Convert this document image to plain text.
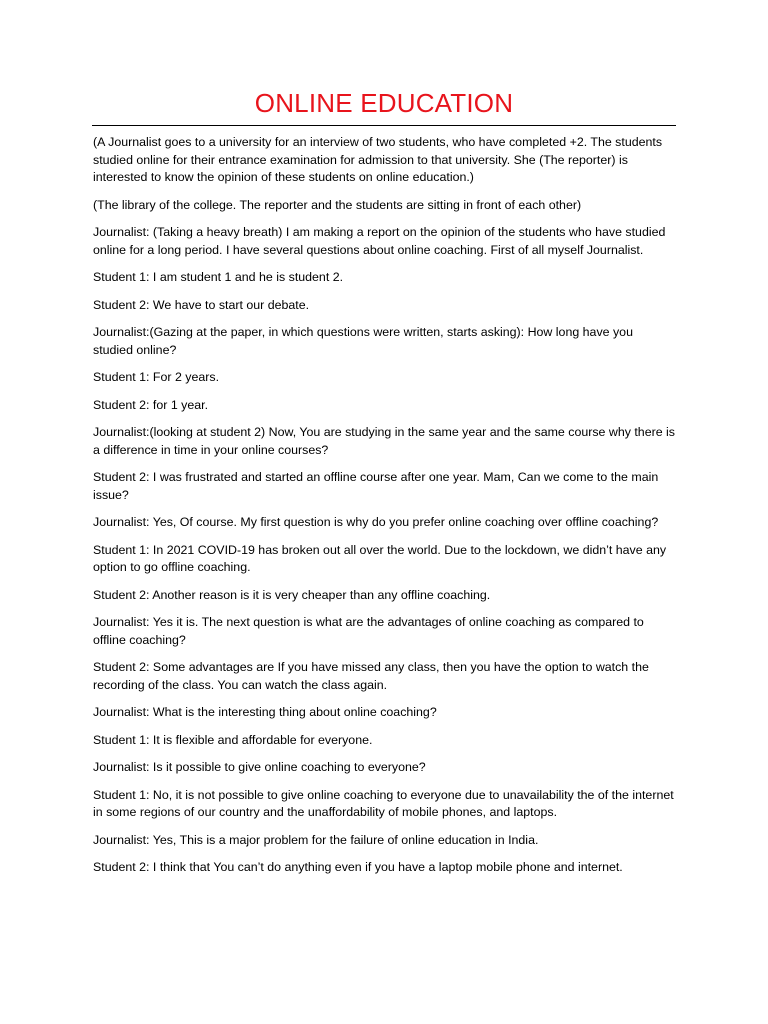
ONLINE EDUCATION

(A Journalist goes to a university for an interview of two students, who have completed +2. The students studied online for their entrance examination for admission to that university. She (The reporter) is interested to know the opinion of these students on online education.)

(The library of the college. The reporter and the students are sitting in front of each other)

Journalist: (Taking a heavy breath) I am making a report on the opinion of the students who have studied online for a long period. I have several questions about online coaching. First of all myself Journalist.

Student 1: I am student 1 and he is student 2.

Student 2: We have to start our debate.

Journalist:(Gazing at the paper, in which questions were written, starts asking): How long have you studied online?

Student 1: For 2 years.

Student 2: for 1 year.

Journalist:(looking at student 2) Now, You are studying in the same year and the same course why there is a difference in time in your online courses?

Student 2: I was frustrated and started an offline course after one year. Mam, Can we come to the main issue?

Journalist: Yes, Of course. My first question is why do you prefer online coaching over offline coaching?

Student 1: In 2021 COVID-19 has broken out all over the world. Due to the lockdown, we didn’t have any option to go offline coaching.

Student 2: Another reason is it is very cheaper than any offline coaching.

Journalist: Yes it is. The next question is what are the advantages of online coaching as compared to offline coaching?

Student 2: Some advantages are If you have missed any class, then you have the option to watch the recording of the class. You can watch the class again.

Journalist: What is the interesting thing about online coaching?

Student 1: It is flexible and affordable for everyone.

Journalist: Is it possible to give online coaching to everyone?

Student 1: No, it is not possible to give online coaching to everyone due to unavailability the of the internet in some regions of our country and the unaffordability of mobile phones, and laptops.

Journalist: Yes, This is a major problem for the failure of online education in India.

Student 2: I think that You can’t do anything even if you have a laptop mobile phone and internet.
